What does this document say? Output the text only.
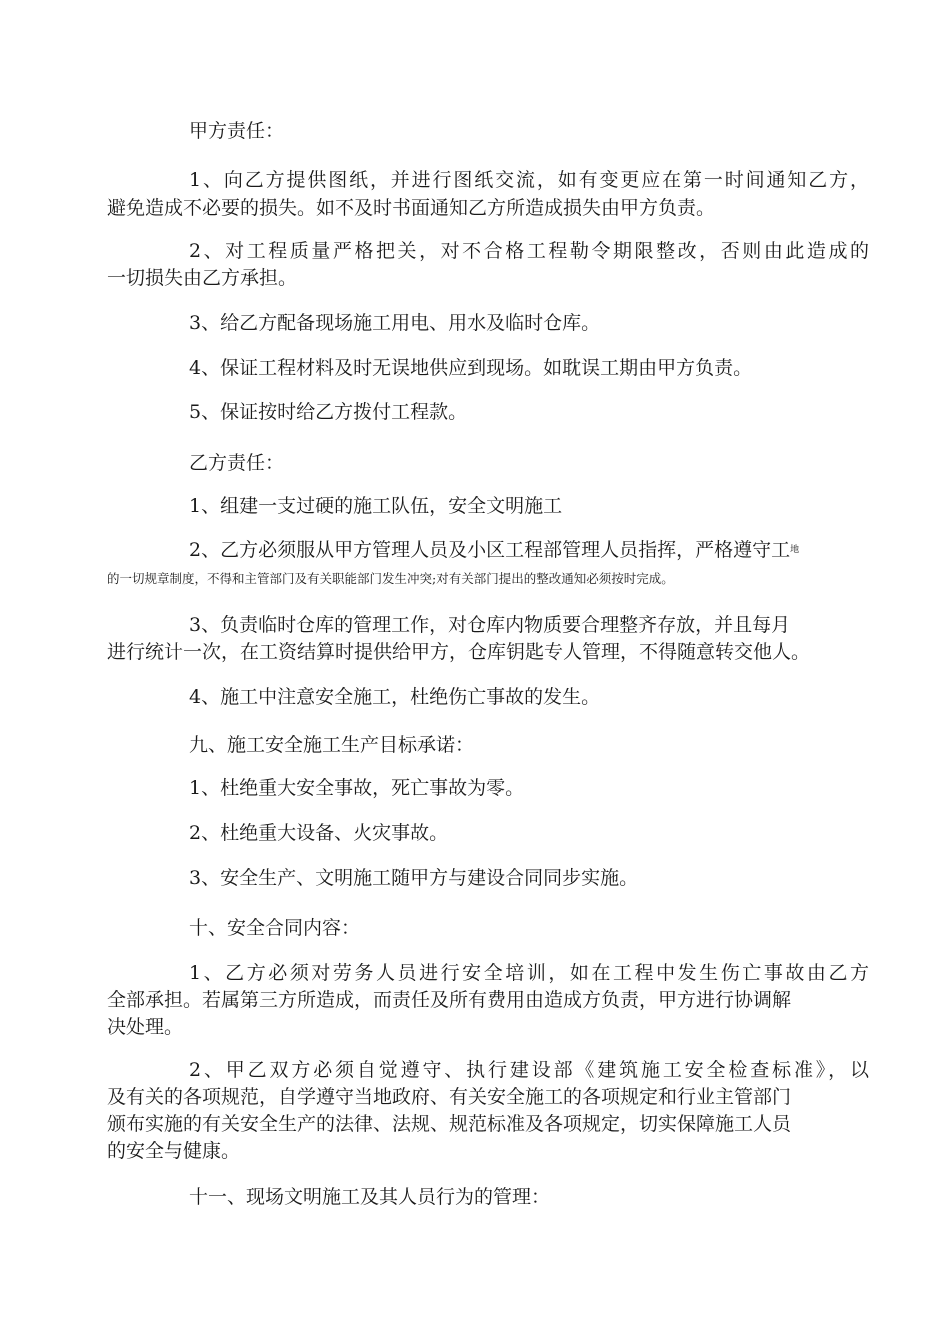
甲方责任：
1、向乙方提供图纸，并进行图纸交流，如有变更应在第一时间通知乙方，
避免造成不必要的损失。如不及时书面通知乙方所造成损失由甲方负责。
2、对工程质量严格把关，对不合格工程勒令期限整改，否则由此造成的
一切损失由乙方承担。
3、给乙方配备现场施工用电、用水及临时仓库。
4、保证工程材料及时无误地供应到现场。如耽误工期由甲方负责。
5、保证按时给乙方拨付工程款。
乙方责任：
1、组建一支过硬的施工队伍，安全文明施工
2、乙方必须服从甲方管理人员及小区工程部管理人员指挥，严格遵守工$^地$
的一切规章制度，不得和主管部门及有关职能部门发生冲突;对有关部门提出的整改通知必须按时完成。
3、负责临时仓库的管理工作，对仓库内物质要合理整齐存放，并且每月
进行统计一次，在工资结算时提供给甲方，仓库钥匙专人管理，不得随意转交他人。
4、施工中注意安全施工，杜绝伤亡事故的发生。
九、施工安全施工生产目标承诺：
1、杜绝重大安全事故，死亡事故为零。
2、杜绝重大设备、火灾事故。
3、安全生产、文明施工随甲方与建设合同同步实施。
十、安全合同内容：
1、乙方必须对劳务人员进行安全培训，如在工程中发生伤亡事故由乙方
全部承担。若属第三方所造成，而责任及所有费用由造成方负责，甲方进行协调解
决处理。
2、甲乙双方必须自觉遵守、执行建设部《建筑施工安全检查标准》，以
及有关的各项规范，自学遵守当地政府、有关安全施工的各项规定和行业主管部门
颁布实施的有关安全生产的法律、法规、规范标准及各项规定，切实保障施工人员
的安全与健康。
十一、现场文明施工及其人员行为的管理：
